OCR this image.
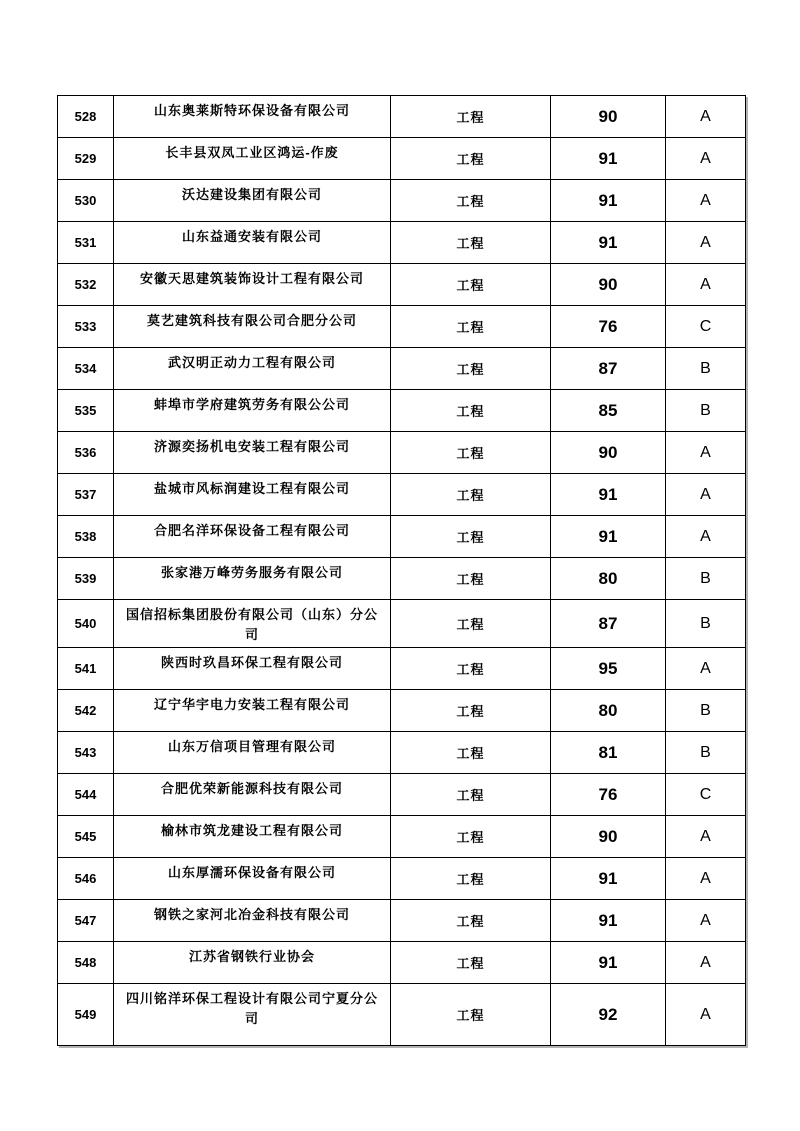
528	山东奥莱斯特环保设备有限公司	工程	90	A
529	长丰县双凤工业区鸿运-作废	工程	91	A
530	沃达建设集团有限公司	工程	91	A
531	山东益通安装有限公司	工程	91	A
532	安徽天思建筑装饰设计工程有限公司	工程	90	A
533	莫艺建筑科技有限公司合肥分公司	工程	76	C
534	武汉明正动力工程有限公司	工程	87	B
535	蚌埠市学府建筑劳务有限公公司	工程	85	B
536	济源奕扬机电安装工程有限公司	工程	90	A
537	盐城市风标润建设工程有限公司	工程	91	A
538	合肥名洋环保设备工程有限公司	工程	91	A
539	张家港万峰劳务服务有限公司	工程	80	B
540	国信招标集团股份有限公司（山东）分公司	工程	87	B
541	陕西时玖昌环保工程有限公司	工程	95	A
542	辽宁华宇电力安装工程有限公司	工程	80	B
543	山东万信项目管理有限公司	工程	81	B
544	合肥优荣新能源科技有限公司	工程	76	C
545	榆林市筑龙建设工程有限公司	工程	90	A
546	山东厚濡环保设备有限公司	工程	91	A
547	钢铁之家河北冶金科技有限公司	工程	91	A
548	江苏省钢铁行业协会	工程	91	A
549	四川铭洋环保工程设计有限公司宁夏分公司	工程	92	A
